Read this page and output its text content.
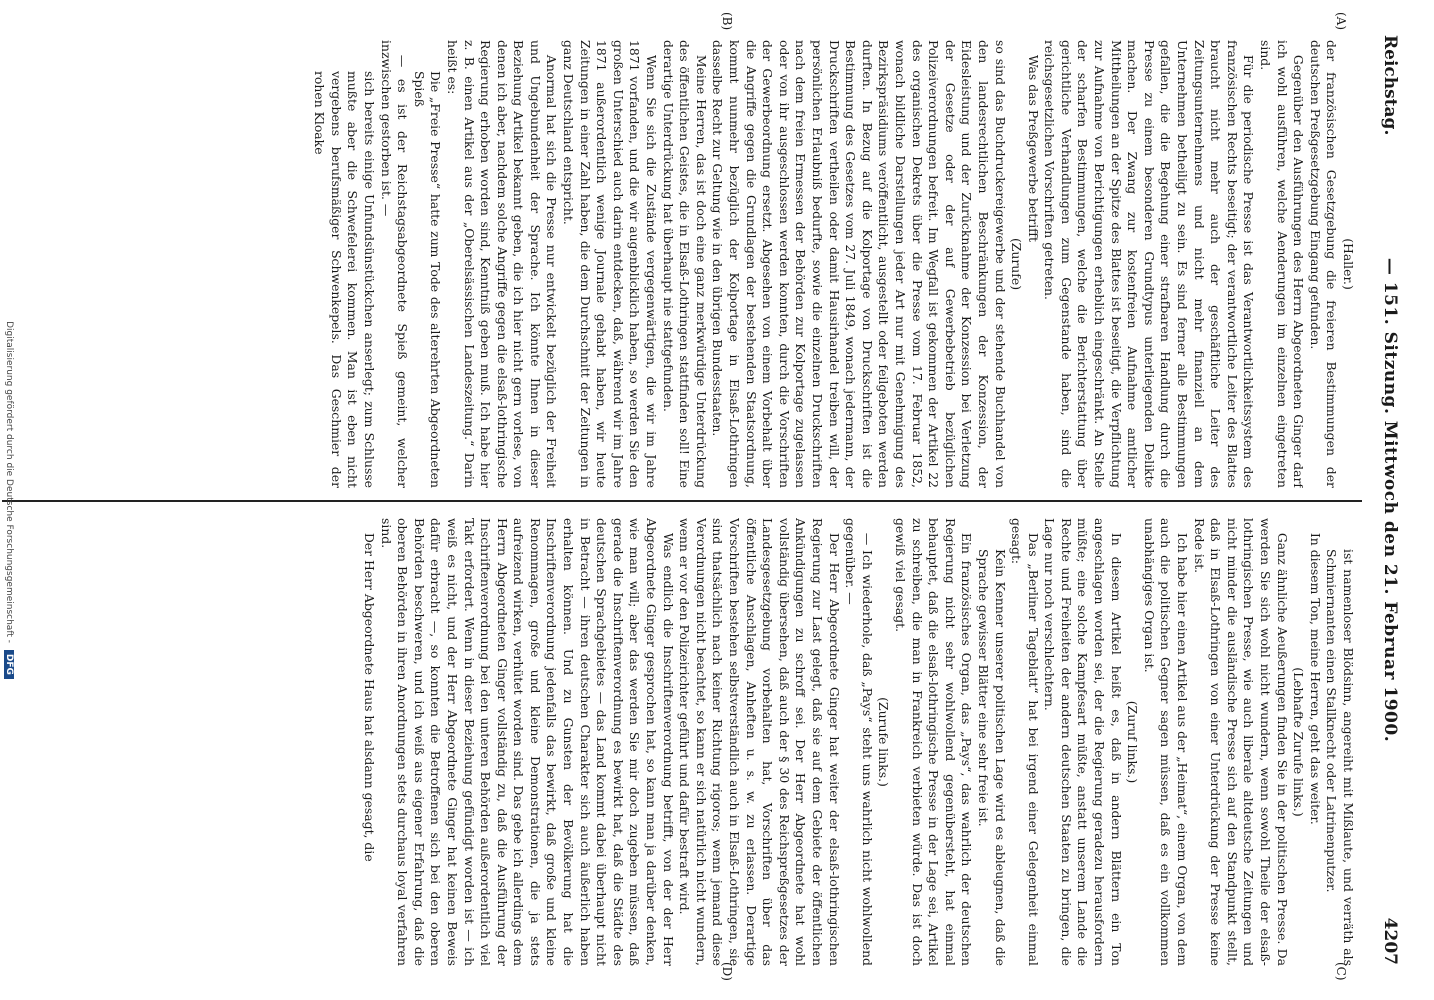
Reichstag.
— 151. Sitzung. Mittwoch den 21. Februar 1900.
4207
(A)
(B)
(C)
(D)

(Haller.)

der französischen Gesetzgebung die freieren Bestimmungen der deutschen Preßgesetzgebung Eingang gefunden.

Gegenüber den Ausführungen des Herrn Abgeordneten Ginger darf ich wohl ausführen, welche Aenderungen im einzelnen eingetreten sind.

Für die periodische Presse ist das Verantwortlichkeitssystem des französischen Rechts beseitigt; der verantwortliche Leiter des Blattes braucht nicht mehr auch der geschäftliche Leiter des Zeitungsunternehmens und nicht mehr finanziell an dem Unternehmen betheiligt zu sein. Es sind ferner alle Bestimmungen gefallen, die die Begehung einer strafbaren Handlung durch die Presse zu einem besonderen Grundtypus unterliegenden Delikte machen. Der Zwang zur kostenfreien Aufnahme amtlicher Mittheilungen an der Spitze des Blattes ist beseitigt, die Verpflichtung zur Aufnahme von Berichtigungen erheblich eingeschränkt. An Stelle der scharfen Bestimmungen, welche die Berichterstattung über gerichtliche Verhandlungen zum Gegenstande haben, sind die reichsgesetzlichen Vorschriften getreten.

Was das Preßgewerbe betrifft

(Zurufe)

so sind das Buchdruckereigewerbe und der stehende Buchhandel von den landesrechtlichen Beschränkungen der Konzession, der Eidesleistung und der Zurücknahme der Konzession bei Verletzung der Gesetze oder der auf Gewerbebetrieb bezüglichen Polizeiverordnungen befreit. Im Wegfall ist gekommen der Artikel 22 des organischen Dekrets über die Presse vom 17. Februar 1852, wonach bildliche Darstellungen jeder Art nur mit Genehmigung des Bezirkspräsidiums veröffentlicht, ausgestellt oder feilgeboten werden durften. In Bezug auf die Kolportage von Druckschriften ist die Bestimmung des Gesetzes vom 27. Juli 1849, wonach jedermann, der Druckschriften vertheilen oder damit Hausirhandel treiben will, der persönlichen Erlaubniß bedurfte, sowie die einzelnen Druckschriften nach dem freien Ermessen der Behörden zur Kolportage zugelassen oder von ihr ausgeschlossen werden konnten, durch die Vorschriften der Gewerbeordnung ersetzt. Abgesehen von einem Vorbehalt über die Angriffe gegen die Grundlagen der bestehenden Staatsordnung, kommt nunmehr bezüglich der Kolportage in Elsaß-Lothringen dasselbe Recht zur Geltung wie in den übrigen Bundesstaaten.

Meine Herren, das ist doch eine ganz merkwürdige Unterdrückung des öffentlichen Geistes, die in Elsaß-Lothringen stattfinden soll! Eine derartige Unterdrückung hat überhaupt nie stattgefunden.

Wenn Sie sich die Zustände vergegenwärtigen, die wir im Jahre 1871 vorfanden, und die wir augenblicklich haben, so werden Sie den großen Unterschied auch darin entdecken, daß, während wir im Jahre 1871 außerordentlich wenige Journale gehabt haben, wir heute Zeitungen in einer Zahl haben, die dem Durchschnitt der Zeitungen in ganz Deutschland entspricht.

Anormal hat sich die Presse nur entwickelt bezüglich der Freiheit und Ungebundenheit der Sprache. Ich könnte Ihnen in dieser Beziehung Artikel bekannt geben, die ich hier nicht gern vorlese, von denen ich aber, nachdem solche Angriffe gegen die elsaß-lothringische Regierung erhoben worden sind, Kenntniß geben muß. Ich habe hier z. B. einen Artikel aus der „Oberelsässischen Landeszeitung.“ Darin heißt es:

Die „Freie Presse“ hatte zum Tode des alterehrten Abgeordneten Spieß

— es ist der Reichstagsabgeordnete Spieß gemeint, welcher inzwischen gestorben ist. —

sich bereits einige Unfundsünstückchen anserlegt; zum Schlusse mußte aber die Schwefelerei kommen. Man ist eben nicht vergebens berufsmäßiger Schwenkepels. Das Geschmier der rohen Kloake

ist namenloser Blödsinn, angereiht mit Mißlaute, und verräth als Schmiernanten einen Stallknecht oder Latrinenputzer.

In diesem Ton, meine Herren, geht das weiter.

(Lebhafte Zurufe links.)

Ganz ähnliche Aeußerungen finden Sie in der politischen Presse. Da werden Sie sich wohl nicht wundern, wenn sowohl Theile der elsaß-lothringischen Presse, wie auch liberale altdeutsche Zeitungen und nicht minder die ausländische Presse sich auf den Standpunkt stellt, daß in Elsaß-Lothringen von einer Unterdrückung der Presse keine Rede ist.

Ich habe hier einen Artikel aus der „Heimat“, einem Organ, von dem auch die politischen Gegner sagen müssen, daß es ein vollkommen unabhängiges Organ ist.

(Zuruf links.)

In diesem Artikel heißt es, daß in andern Blättern ein Ton angeschlagen worden sei, der die Regierung geradezu herausfordern müßte; eine solche Kampfesart müßte, anstatt unserem Lande die Rechte und Freiheiten der andern deutschen Staaten zu bringen, die Lage nur noch verschlechtern.

Das „Berliner Tageblatt“ hat bei irgend einer Gelegenheit einmal gesagt:

Kein Kenner unserer politischen Lage wird es ableugnen, daß die Sprache gewisser Blätter eine sehr freie ist.

Ein französisches Organ, das „Pays“, das wahrlich der deutschen Regierung nicht sehr wohlwollend gegenübersteht, hat einmal behauptet, daß die elsaß-lothringische Presse in der Lage sei, Artikel zu schreiben, die man in Frankreich verbieten würde. Das ist doch gewiß viel gesagt.

(Zurufe links.)

— Ich wiederhole, daß „Pays“ steht uns wahrlich nicht wohlwollend gegenüber. —

Der Herr Abgeordnete Ginger hat weiter der elsaß-lothringischen Regierung zur Last gelegt, daß sie auf dem Gebiete der öffentlichen Ankündigungen zu schroff sei. Der Herr Abgeordnete hat wohl vollständig übersehen, daß auch der § 30 des Reichspreßgesetzes der Landesgesetzgebung vorbehalten hat, Vorschriften über das öffentliche Anschlagen, Anheften u. s. w. zu erlassen. Derartige Vorschriften bestehen selbstverständlich auch in Elsaß-Lothringen, sie sind thatsächlich nach keiner Richtung rigoros; wenn jemand diese Verordnungen nicht beachtet, so kann er sich natürlich nicht wundern, wenn er vor den Polizeirichter geführt und dafür bestraft wird.

Was endlich die Inschriftenverordnung betrifft, von der der Herr Abgeordnete Ginger gesprochen hat, so kann man ja darüber denken, wie man will; aber das werden Sie mir doch zugeben müssen, daß gerade die Inschriftenverordnung es bewirkt hat, daß die Städte des deutschen Sprachgebietes — das Land kommt dabei überhaupt nicht in Betracht — ihren deutschen Charakter sich auch äußerlich haben erhalten können. Und zu Gunsten der Bevölkerung hat die Inschriftenverordnung jedenfalls das bewirkt, daß große und kleine Renommagen, große und kleine Demonstrationen, die ja stets aufreizend wirken, verhütet worden sind. Das gebe ich allerdings dem Herrn Abgeordneten Ginger vollständig zu, daß die Ausführung der Inschriftenverordnung bei den unteren Behörden außerordentlich viel Takt erfordert. Wenn in dieser Beziehung gefündigt worden ist — ich weiß es nicht, und der Herr Abgeordnete Ginger hat keinen Beweis dafür erbracht —, so konnten die Betroffenen sich bei den oberen Behörden beschweren, und ich weiß aus eigener Erfahrung, daß die oberen Behörden in ihren Anordnungen stets durchaus loyal verfahren sind.

Der Herr Abgeordnete Haus hat alsdann gesagt, die

Digitalisierung gefördert durch die Deutsche Forschungsgemeinschaft - DFG
